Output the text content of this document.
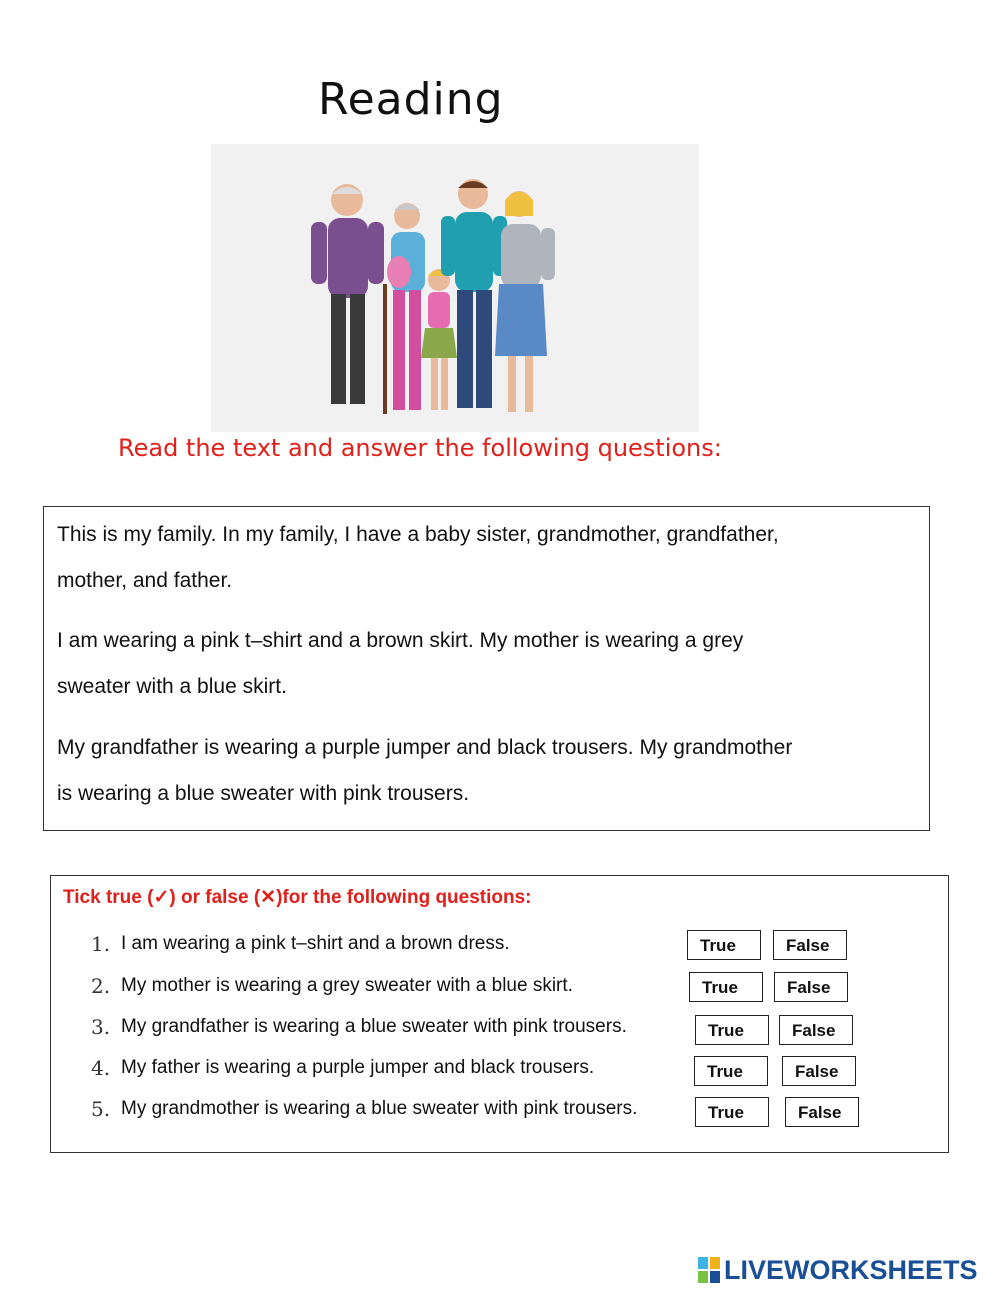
Reading
Read the text and answer the following questions:
This is my family. In my family, I have a baby sister, grandmother, grandfather,
mother, and father.
I am wearing a pink t–shirt and a brown skirt. My mother is wearing a grey
sweater with a blue skirt.
My grandfather is wearing a purple jumper and black trousers. My grandmother
is wearing a blue sweater with pink trousers.
Tick true (✓) or false (✕)for the following questions:
1. I am wearing a pink t–shirt and a brown dress.	True	False
2. My mother is wearing a grey sweater with a blue skirt.	True	False
3. My grandfather is wearing a blue sweater with pink trousers.	True	False
4. My father is wearing a purple jumper and black trousers.	True	False
5. My grandmother is wearing a blue sweater with pink trousers.	True	False
LIVEWORKSHEETS
